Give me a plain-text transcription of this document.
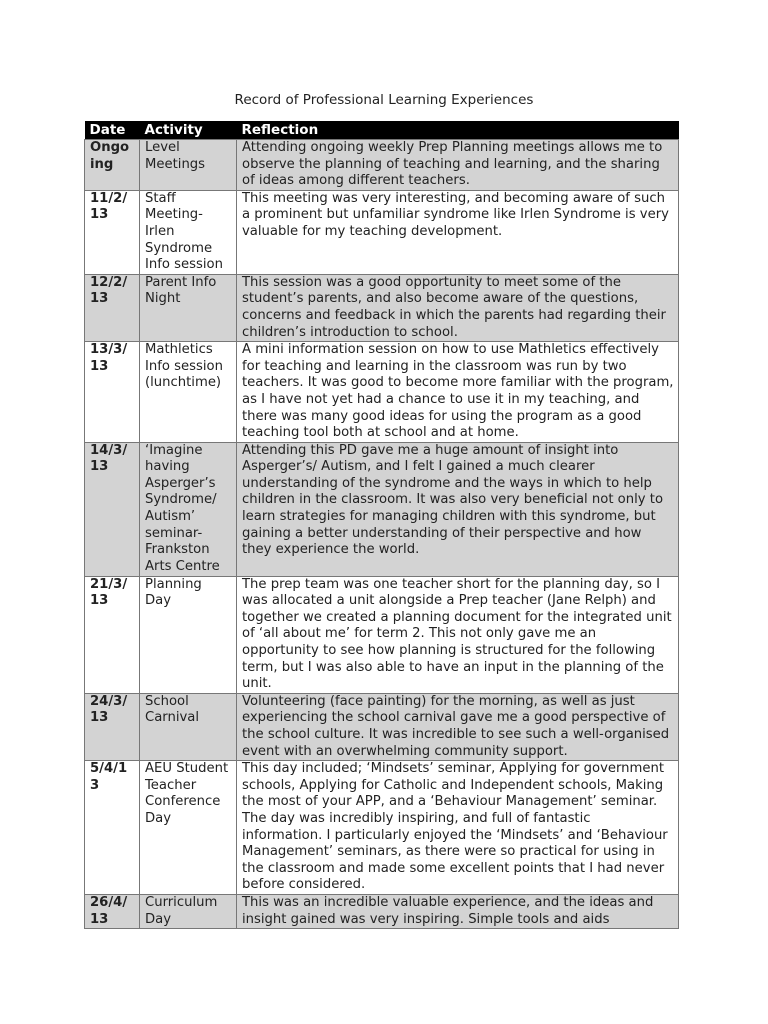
Record of Professional Learning Experiences
Date	Activity	Reflection
Ongo ing	Level Meetings	Attending ongoing weekly Prep Planning meetings allows me to observe the planning of teaching and learning, and the sharing of ideas among different teachers.
11/2/ 13	Staff Meeting- Irlen Syndrome Info session	This meeting was very interesting, and becoming aware of such a prominent but unfamiliar syndrome like Irlen Syndrome is very valuable for my teaching development.
12/2/ 13	Parent Info Night	This session was a good opportunity to meet some of the student’s parents, and also become aware of the questions, concerns and feedback in which the parents had regarding their children’s introduction to school.
13/3/ 13	Mathletics Info session (lunchtime)	A mini information session on how to use Mathletics effectively for teaching and learning in the classroom was run by two teachers. It was good to become more familiar with the program, as I have not yet had a chance to use it in my teaching, and there was many good ideas for using the program as a good teaching tool both at school and at home.
14/3/ 13	‘Imagine having Asperger’s Syndrome/ Autism’ seminar- Frankston Arts Centre	Attending this PD gave me a huge amount of insight into Asperger’s/ Autism, and I felt I gained a much clearer understanding of the syndrome and the ways in which to help children in the classroom. It was also very beneficial not only to learn strategies for managing children with this syndrome, but gaining a better understanding of their perspective and how they experience the world.
21/3/ 13	Planning Day	The prep team was one teacher short for the planning day, so I was allocated a unit alongside a Prep teacher (Jane Relph) and together we created a planning document for the integrated unit of ‘all about me’ for term 2. This not only gave me an opportunity to see how planning is structured for the following term, but I was also able to have an input in the planning of the unit.
24/3/ 13	School Carnival	Volunteering (face painting) for the morning, as well as just experiencing the school carnival gave me a good perspective of the school culture. It was incredible to see such a well-organised event with an overwhelming community support.
5/4/1 3	AEU Student Teacher Conference Day	This day included; ‘Mindsets’ seminar, Applying for government schools, Applying for Catholic and Independent schools, Making the most of your APP, and a ‘Behaviour Management’ seminar. The day was incredibly inspiring, and full of fantastic information. I particularly enjoyed the ‘Mindsets’ and ‘Behaviour Management’ seminars, as there were so practical for using in the classroom and made some excellent points that I had never before considered.
26/4/ 13	Curriculum Day	This was an incredible valuable experience, and the ideas and insight gained was very inspiring. Simple tools and aids
